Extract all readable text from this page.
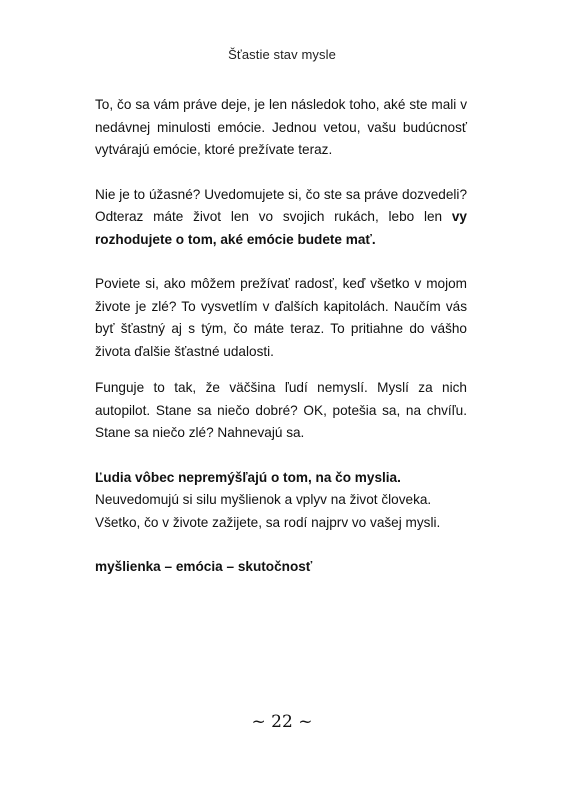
Šťastie stav mysle

To, čo sa vám práve deje, je len následok toho, aké ste mali v nedávnej minulosti emócie. Jednou vetou, vašu budúcnosť vytvárajú emócie, ktoré prežívate teraz.

Nie je to úžasné? Uvedomujete si, čo ste sa práve dozvedeli? Odteraz máte život len vo svojich rukách, lebo len vy rozhodujete o tom, aké emócie budete mať.

Poviete si, ako môžem prežívať radosť, keď všetko v mojom živote je zlé? To vysvetlím v ďalších kapitolách. Naučím vás byť šťastný aj s tým, čo máte teraz. To pritiahne do vášho života ďalšie šťastné udalosti.

Funguje to tak, že väčšina ľudí nemyslí. Myslí za nich autopilot. Stane sa niečo dobré? OK, potešia sa, na chvíľu. Stane sa niečo zlé? Nahnevajú sa.

Ľudia vôbec nepremýšľajú o tom, na čo myslia.
Neuvedomujú si silu myšlienok a vplyv na život človeka.
Všetko, čo v živote zažijete, sa rodí najprv vo vašej mysli.

myšlienka – emócia – skutočnosť

~ 22 ~
